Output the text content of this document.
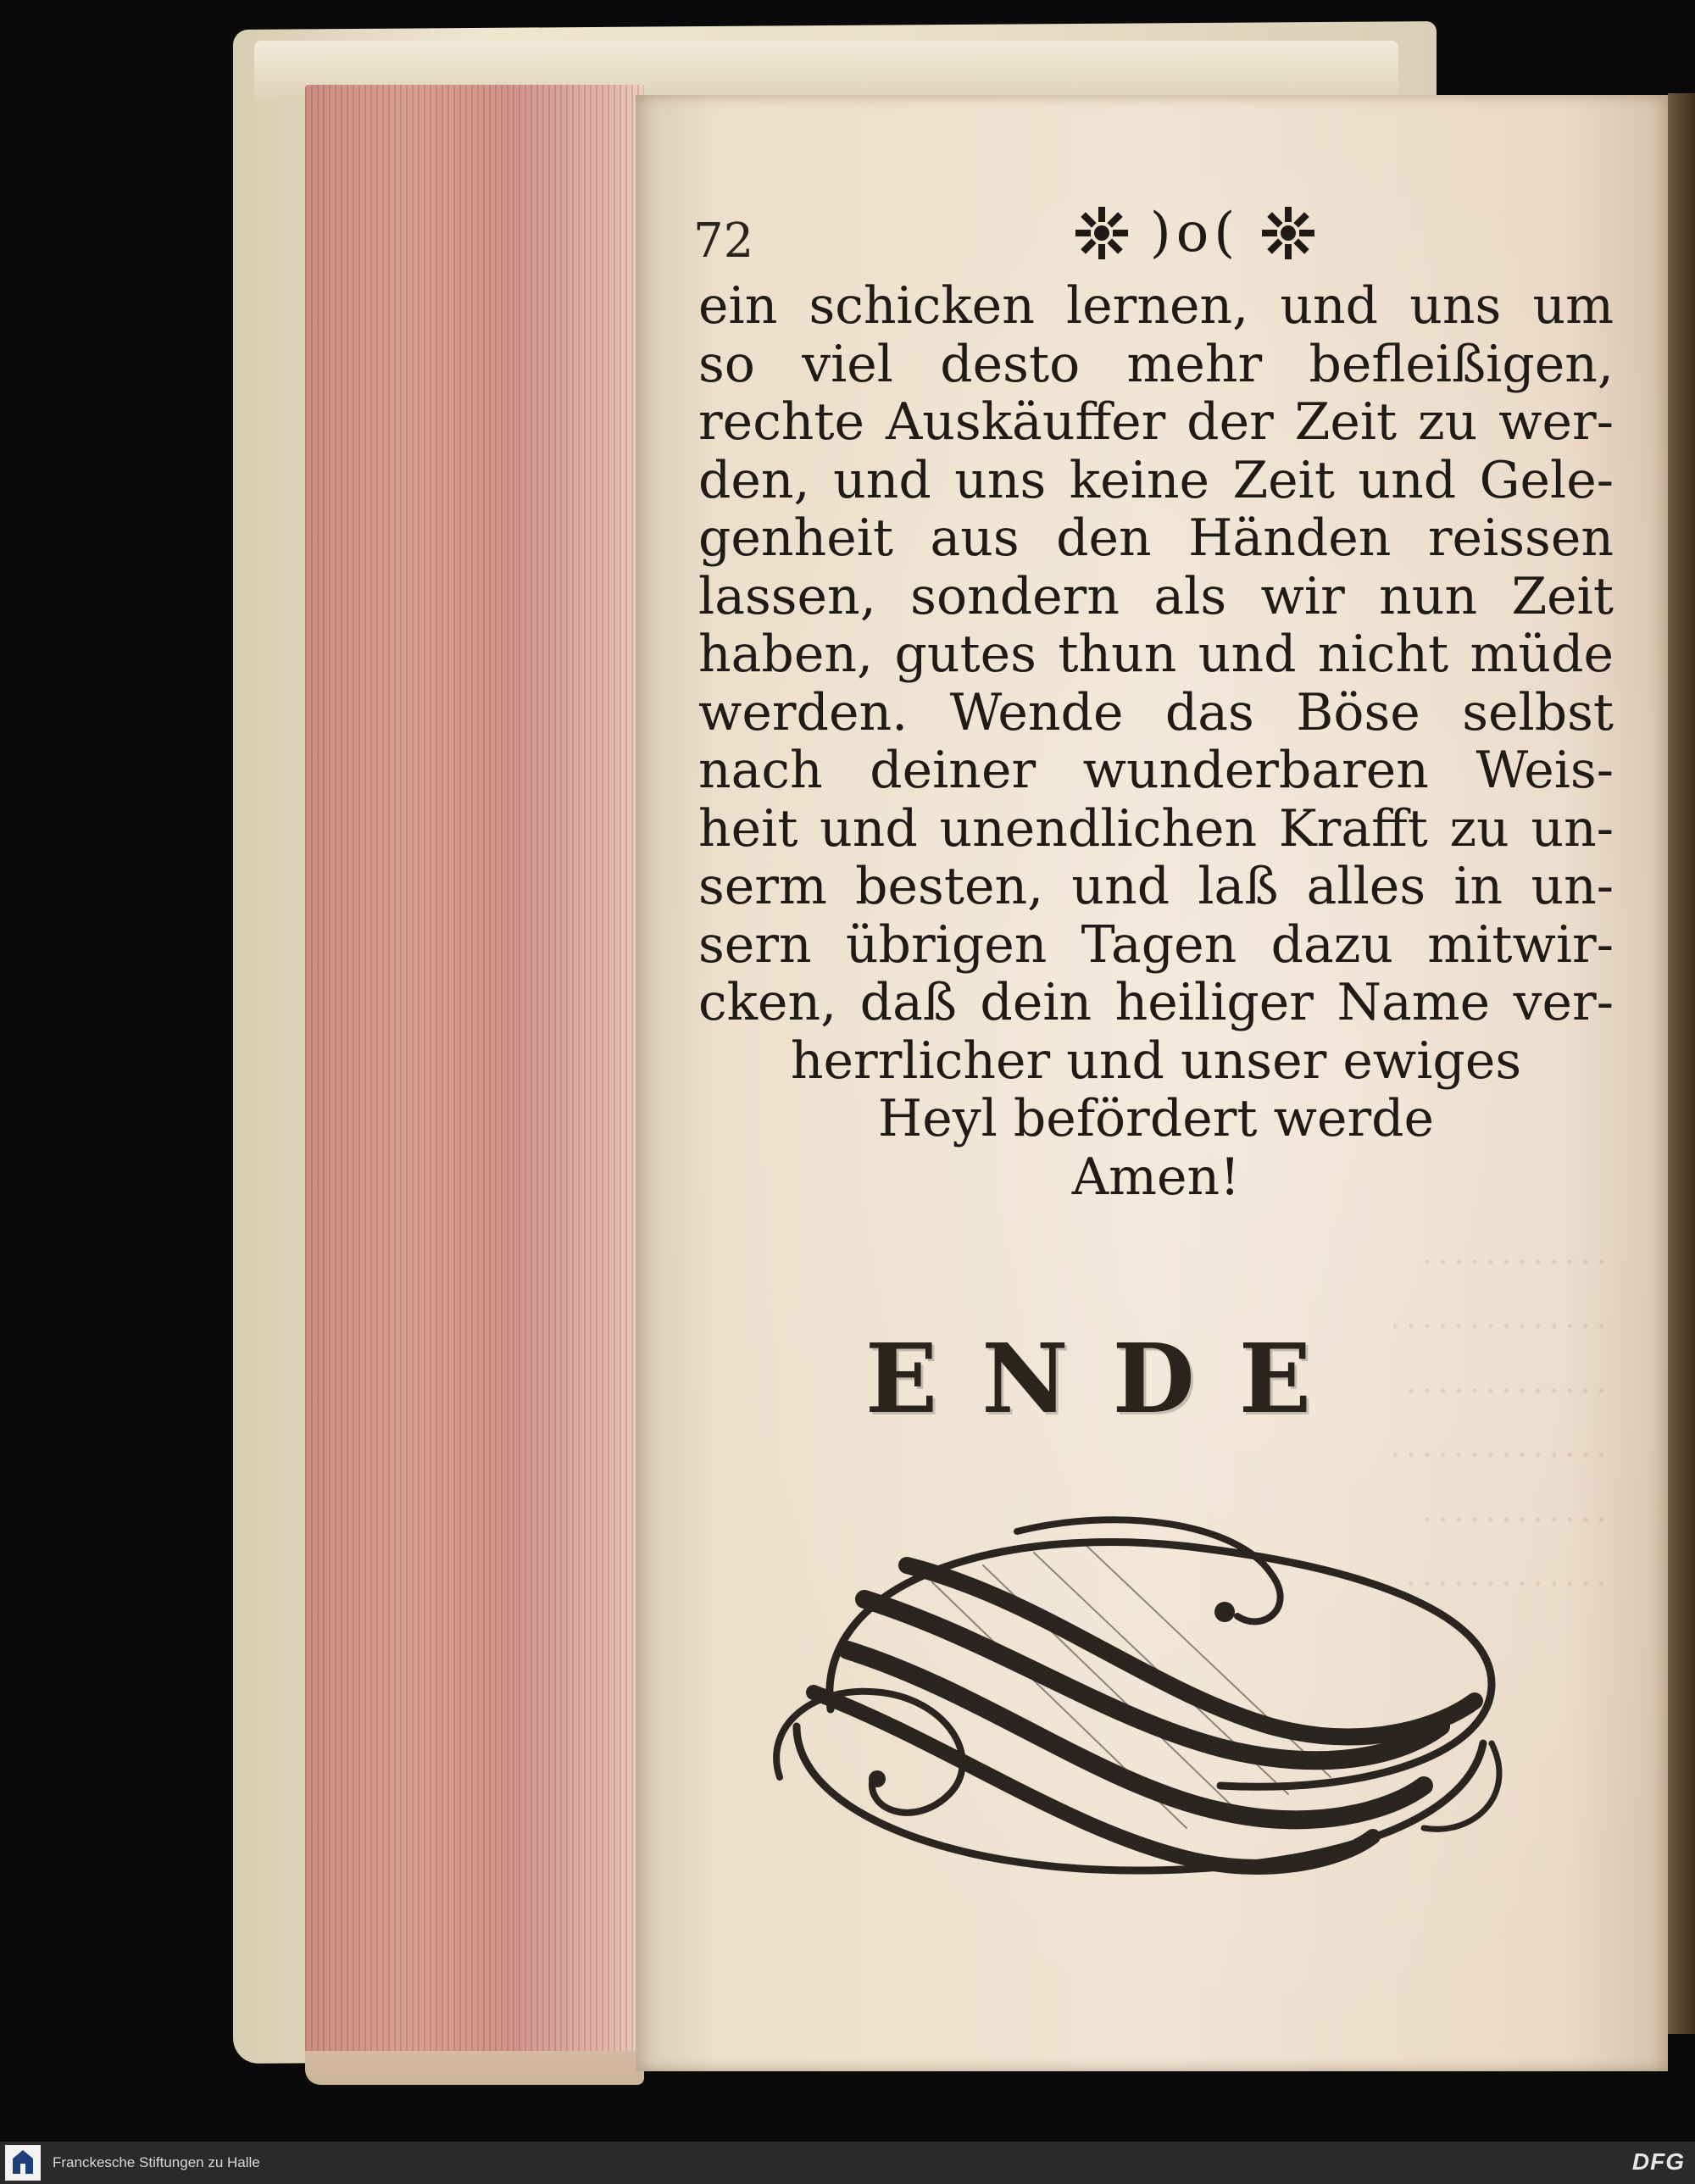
············
··············
·············
··············
············
·············
72	)o(
ein schicken lernen, und uns um
so viel desto mehr befleißigen,
rechte Auskäuffer der Zeit zu wer-
den, und uns keine Zeit und Gele-
genheit aus den Händen reissen
lassen, sondern als wir nun Zeit
haben, gutes thun und nicht müde
werden. Wende das Böse selbst
nach deiner wunderbaren Weis-
heit und unendlichen Krafft zu un-
serm besten, und laß alles in un-
sern übrigen Tagen dazu mitwir-
cken, daß dein heiliger Name ver-
herrlicher und unser ewiges
Heyl befördert werde
Amen!
ENDE
Franckesche Stiftungen zu Halle	DFG
